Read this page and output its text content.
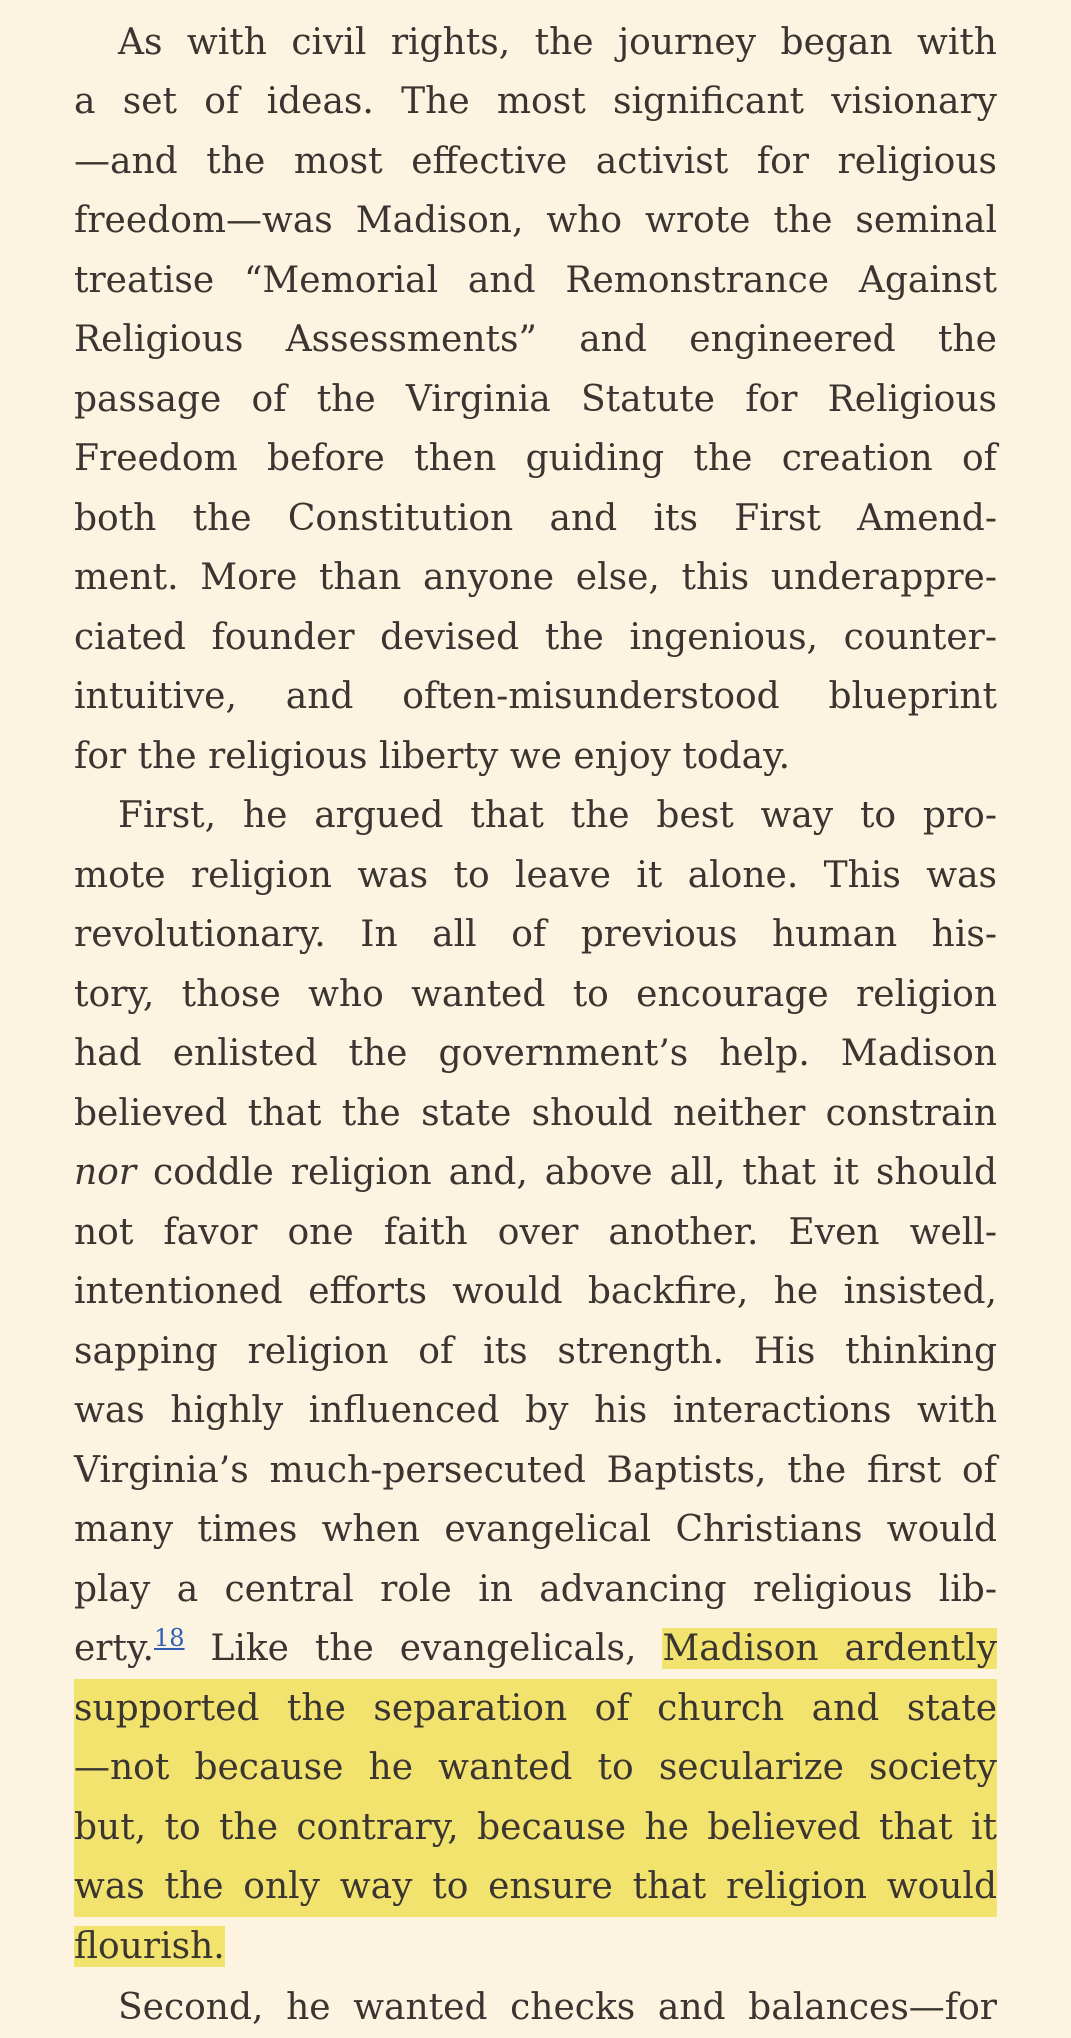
As with civil rights, the journey began with
a set of ideas. The most significant visionary
—and the most effective activist for religious
freedom—was Madison, who wrote the seminal
treatise “Memorial and Remonstrance Against
Religious Assessments” and engineered the
passage of the Virginia Statute for Religious
Freedom before then guiding the creation of
both the Constitution and its First Amend-
ment. More than anyone else, this underappre-
ciated founder devised the ingenious, counter-
intuitive, and often-misunderstood blueprint
for the religious liberty we enjoy today.
First, he argued that the best way to pro-
mote religion was to leave it alone. This was
revolutionary. In all of previous human his-
tory, those who wanted to encourage religion
had enlisted the government’s help. Madison
believed that the state should neither constrain
nor coddle religion and, above all, that it should
not favor one faith over another. Even well-
intentioned efforts would backfire, he insisted,
sapping religion of its strength. His thinking
was highly influenced by his interactions with
Virginia’s much-persecuted Baptists, the first of
many times when evangelical Christians would
play a central role in advancing religious lib-
erty.$^{18}$ Like the evangelicals, Madison ardently
supported the separation of church and state
—not because he wanted to secularize society
but, to the contrary, because he believed that it
was the only way to ensure that religion would
flourish.
Second, he wanted checks and balances—for
